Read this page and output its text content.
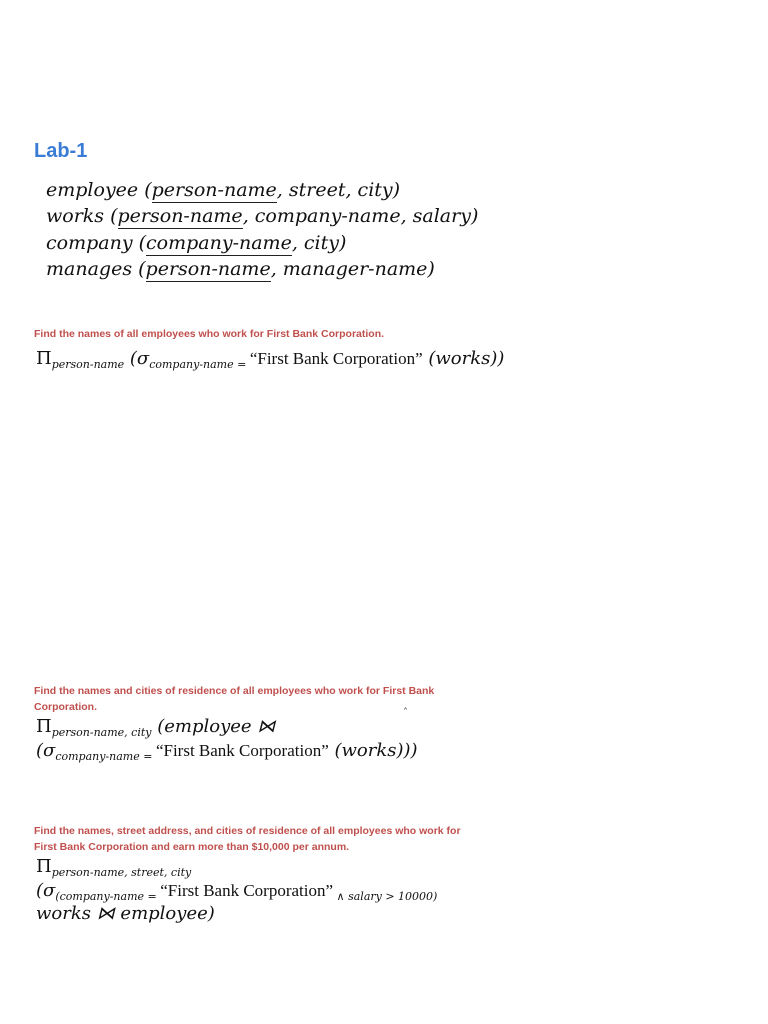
Lab-1
employee (person-name, street, city)
works (person-name, company-name, salary)
company (company-name, city)
manages (person-name, manager-name)
Find the names of all employees who work for First Bank Corporation.
$\Pi_{person-name}$ ($\sigma_{company-name =}$ “First Bank Corporation” (works))
Find the names and cities of residence of all employees who work for First Bank
Corporation.
$\Pi_{person-name, city}$ (employee ⋈
($\sigma_{company-name =}$ “First Bank Corporation” (works)))
ˆ
Find the names, street address, and cities of residence of all employees who work for
First Bank Corporation and earn more than $10,000 per annum.
$\Pi_{person-name, street, city}$
($\sigma_{(company-name =}$ “First Bank Corporation” $_{\wedge salary > 10000)}$
works ⋈ employee)
